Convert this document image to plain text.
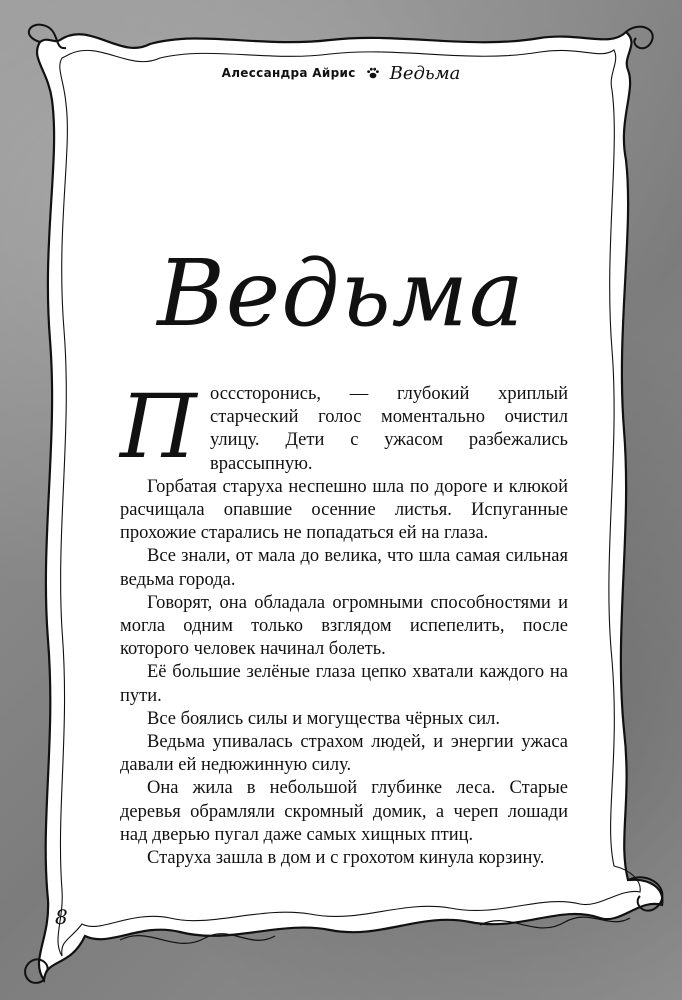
Алессандра Айрис Ведьма
Ведьма
П осссторонись, — глубокий хриплый старческий голос моментально очистил улицу. Дети с ужасом разбежались врассыпную.

Горбатая старуха неспешно шла по дороге и клюкой расчищала опавшие осенние листья. Испуганные прохожие старались не попадаться ей на глаза.

Все знали, от мала до велика, что шла самая сильная ведьма города.

Говорят, она обладала огромными способностями и могла одним только взглядом испепелить, после которого человек начинал болеть.

Её большие зелёные глаза цепко хватали каждого на пути.

Все боялись силы и могущества чёрных сил.

Ведьма упивалась страхом людей, и энергии ужаса давали ей недюжинную силу.

Она жила в небольшой глубинке леса. Старые деревья обрамляли скромный домик, а череп лошади над дверью пугал даже самых хищных птиц.

Старуха зашла в дом и с грохотом кинула корзину.

8
